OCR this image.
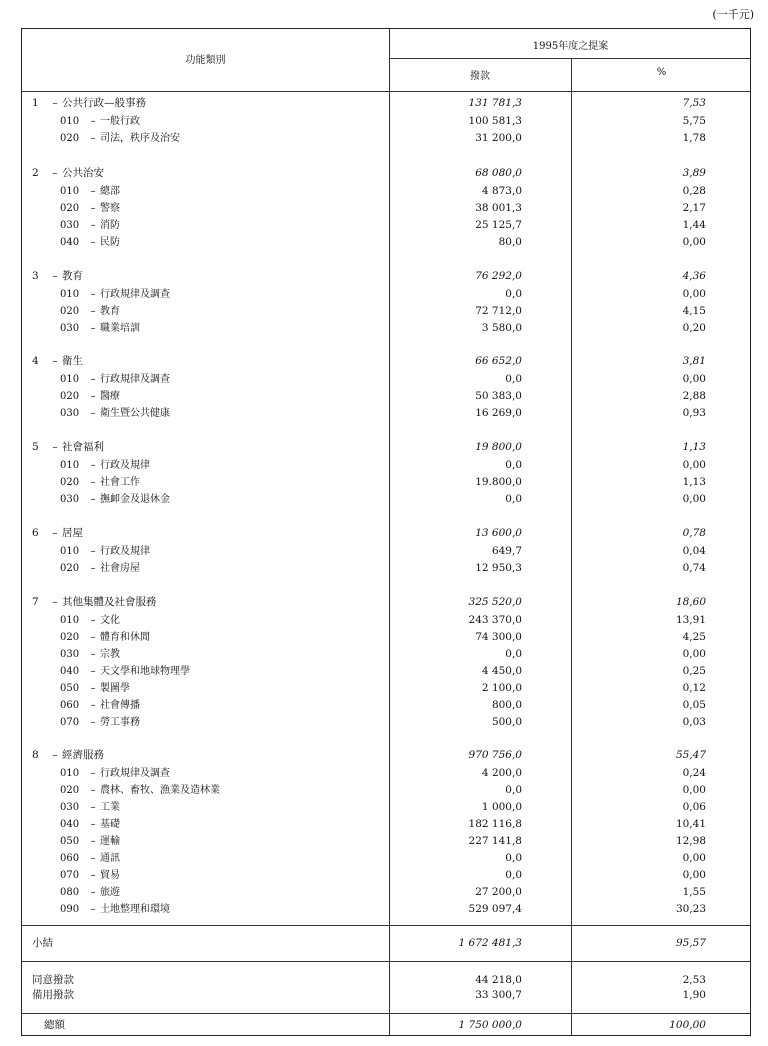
(一千元)
功能類別
1995年度之提案
撥款	%
1 – 公共行政—般事務	131 781,3	7,53
010 – 一般行政	100 581,3	5,75
020 – 司法，秩序及治安	31 200,0	1,78
2 – 公共治安	68 080,0	3,89
010 – 總部	4 873,0	0,28
020 – 警察	38 001,3	2,17
030 – 消防	25 125,7	1,44
040 – 民防	80,0	0,00
3 – 教育	76 292,0	4,36
010 – 行政規律及調查	0,0	0,00
020 – 教育	72 712,0	4,15
030 – 職業培訓	3 580,0	0,20
4 – 衛生	66 652,0	3,81
010 – 行政規律及調查	0,0	0,00
020 – 醫療	50 383,0	2,88
030 – 衛生暨公共健康	16 269,0	0,93
5 – 社會福利	19 800,0	1,13
010 – 行政及規律	0,0	0,00
020 – 社會工作	19.800,0	1,13
030 – 撫卹金及退休金	0,0	0,00
6 – 居屋	13 600,0	0,78
010 – 行政及規律	649,7	0,04
020 – 社會房屋	12 950,3	0,74
7 – 其他集體及社會服務	325 520,0	18,60
010 – 文化	243 370,0	13,91
020 – 體育和休閒	74 300,0	4,25
030 – 宗教	0,0	0,00
040 – 天文學和地球物理學	4 450,0	0,25
050 – 製圖學	2 100,0	0,12
060 – 社會傳播	800,0	0,05
070 – 勞工事務	500,0	0,03
8 – 經濟服務	970 756,0	55,47
010 – 行政規律及調查	4 200,0	0,24
020 – 農林、畜牧、漁業及造林業	0,0	0,00
030 – 工業	1 000,0	0,06
040 – 基礎	182 116,8	10,41
050 – 運輸	227 141,8	12,98
060 – 通訊	0,0	0,00
070 – 貿易	0,0	0,00
080 – 旅遊	27 200,0	1,55
090 – 土地整理和環境	529 097,4	30,23
小結	1 672 481,3	95,57
同意撥款	44 218,0	2,53
備用撥款	33 300,7	1,90
總額	1 750 000,0	100,00
